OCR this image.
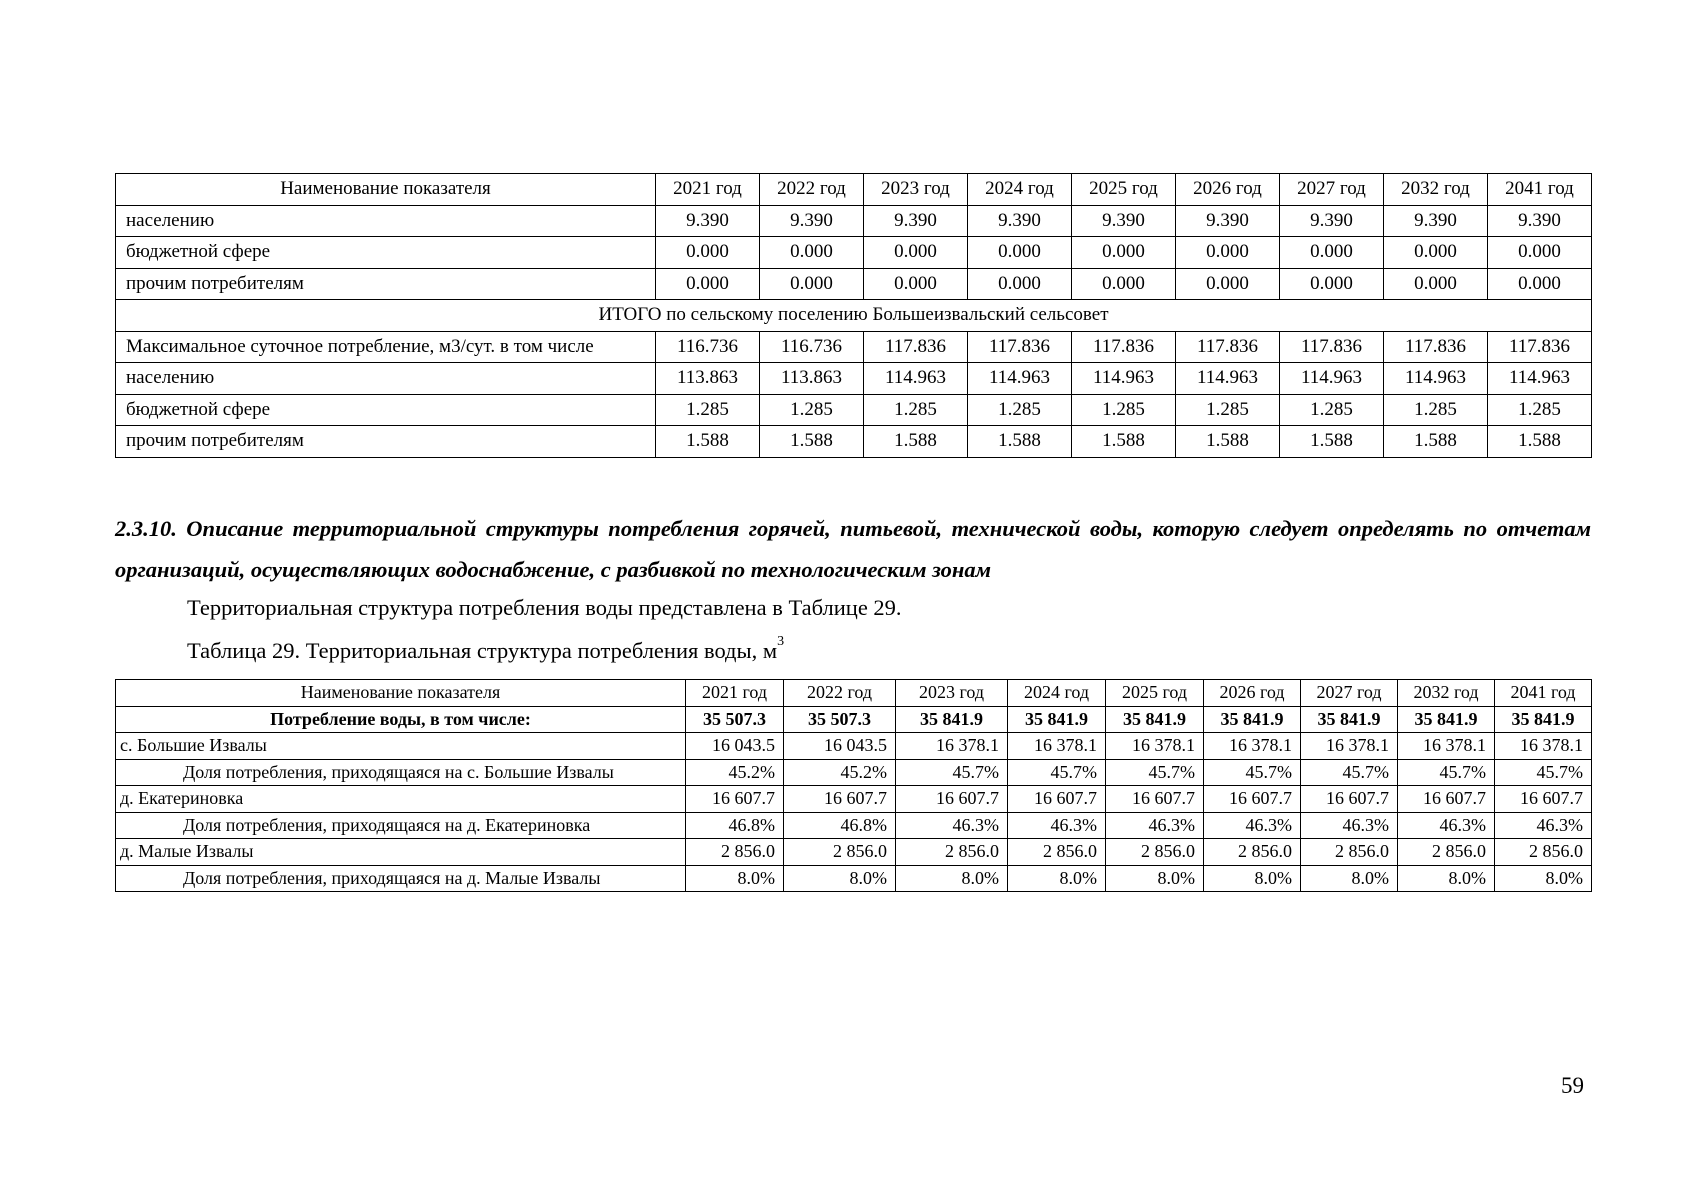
Наименование показателя	2021 год	2022 год	2023 год	2024 год	2025 год	2026 год	2027 год	2032 год	2041 год
населению	9.390	9.390	9.390	9.390	9.390	9.390	9.390	9.390	9.390
бюджетной сфере	0.000	0.000	0.000	0.000	0.000	0.000	0.000	0.000	0.000
прочим потребителям	0.000	0.000	0.000	0.000	0.000	0.000	0.000	0.000	0.000
ИТОГО по сельскому поселению Большеизвальский сельсовет									
Максимальное суточное потребление, м3/сут. в том числе	116.736	116.736	117.836	117.836	117.836	117.836	117.836	117.836	117.836
населению	113.863	113.863	114.963	114.963	114.963	114.963	114.963	114.963	114.963
бюджетной сфере	1.285	1.285	1.285	1.285	1.285	1.285	1.285	1.285	1.285
прочим потребителям	1.588	1.588	1.588	1.588	1.588	1.588	1.588	1.588	1.588
2.3.10. Описание территориальной структуры потребления горячей, питьевой, технической воды, которую следует определять по отчетам организаций, осуществляющих водоснабжение, с разбивкой по технологическим зонам
Территориальная структура потребления воды представлена в Таблице 29.
Таблица 29. Территориальная структура потребления воды, $м^3$
Наименование показателя	2021 год	2022 год	2023 год	2024 год	2025 год	2026 год	2027 год	2032 год	2041 год
Потребление воды, в том числе:	35 507.3	35 507.3	35 841.9	35 841.9	35 841.9	35 841.9	35 841.9	35 841.9	35 841.9
с. Большие Извалы	16 043.5	16 043.5	16 378.1	16 378.1	16 378.1	16 378.1	16 378.1	16 378.1	16 378.1
Доля потребления, приходящаяся на с. Большие Извалы	45.2%	45.2%	45.7%	45.7%	45.7%	45.7%	45.7%	45.7%	45.7%
д. Екатериновка	16 607.7	16 607.7	16 607.7	16 607.7	16 607.7	16 607.7	16 607.7	16 607.7	16 607.7
Доля потребления, приходящаяся на д. Екатериновка	46.8%	46.8%	46.3%	46.3%	46.3%	46.3%	46.3%	46.3%	46.3%
д. Малые Извалы	2 856.0	2 856.0	2 856.0	2 856.0	2 856.0	2 856.0	2 856.0	2 856.0	2 856.0
Доля потребления, приходящаяся на д. Малые Извалы	8.0%	8.0%	8.0%	8.0%	8.0%	8.0%	8.0%	8.0%	8.0%
59
